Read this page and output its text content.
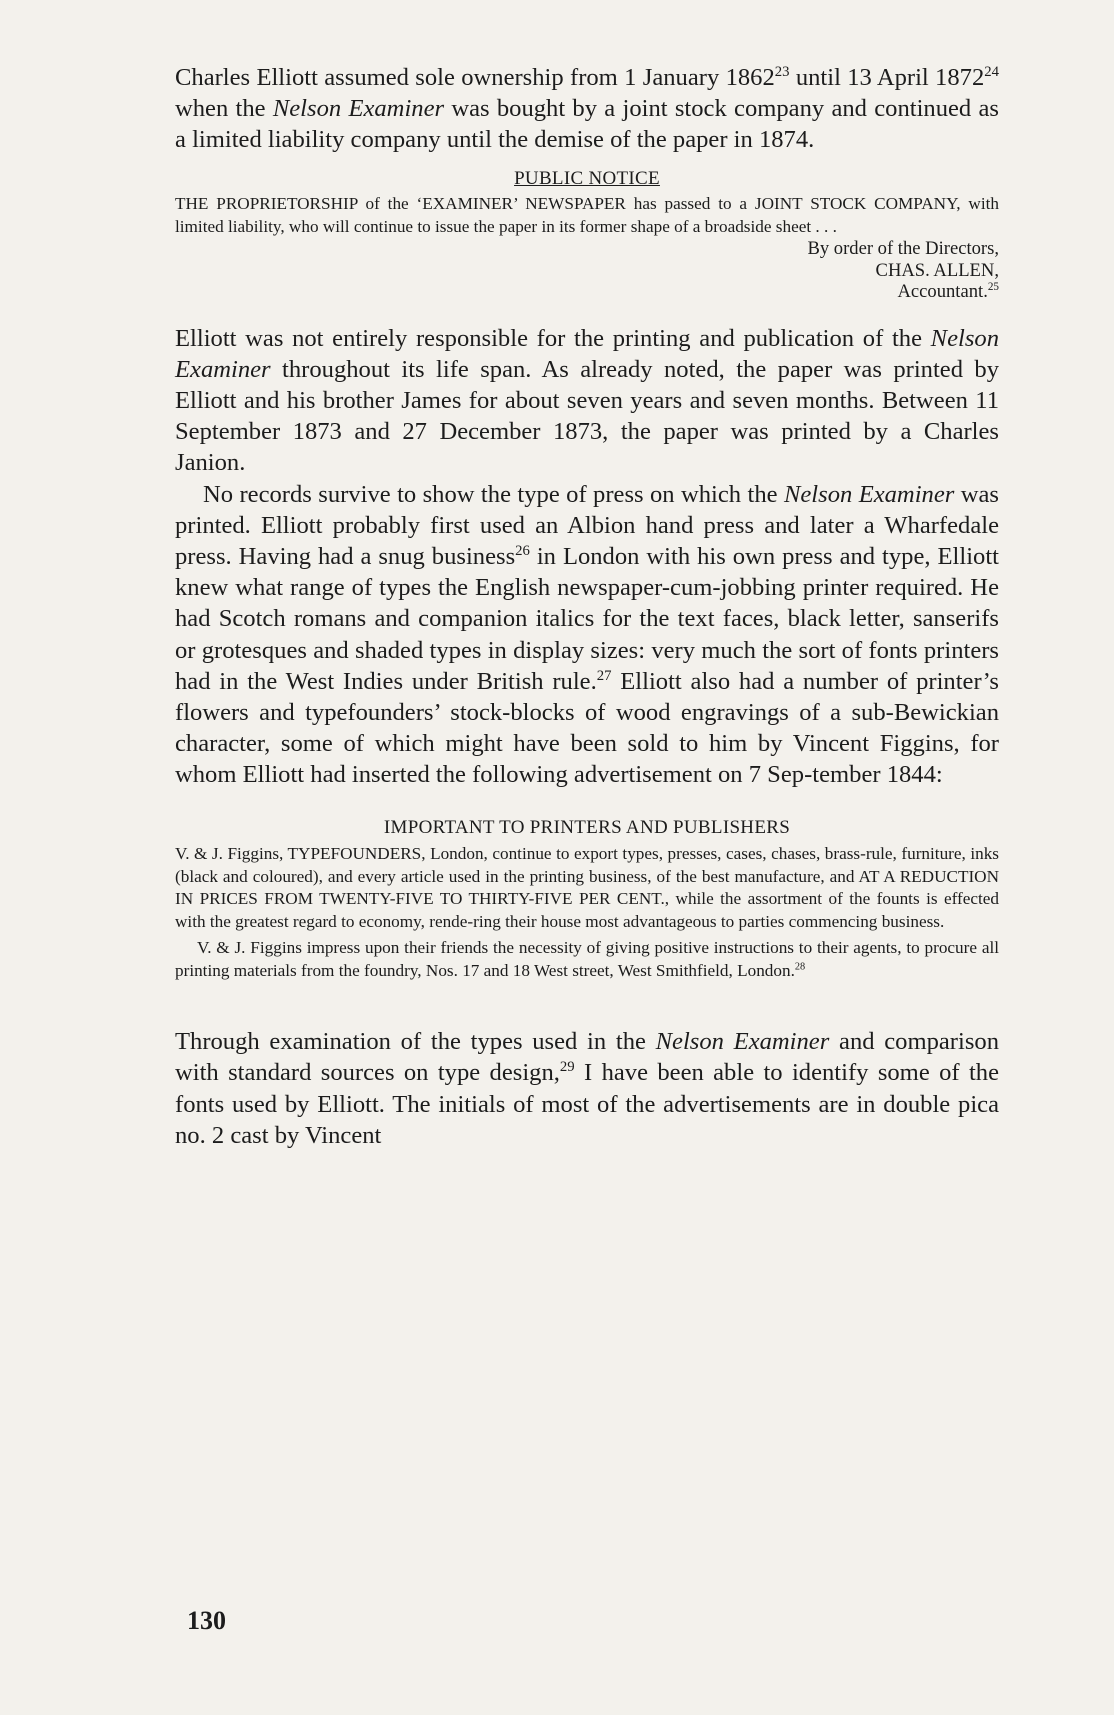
Charles Elliott assumed sole ownership from 1 January 1862$^{23}$ until 13 April 1872$^{24}$ when the Nelson Examiner was bought by a joint stock company and continued as a limited liability company until the demise of the paper in 1874.

PUBLIC NOTICE
THE PROPRIETORSHIP of the ‘EXAMINER’ NEWSPAPER has passed to a JOINT STOCK COMPANY, with limited liability, who will continue to issue the paper in its former shape of a broadside sheet . . .
By order of the Directors,
CHAS. ALLEN,
Accountant.$^{25}$

Elliott was not entirely responsible for the printing and publication of the Nelson Examiner throughout its life span. As already noted, the paper was printed by Elliott and his brother James for about seven years and seven months. Between 11 September 1873 and 27 December 1873, the paper was printed by a Charles Janion.

No records survive to show the type of press on which the Nelson Examiner was printed. Elliott probably first used an Albion hand press and later a Wharfedale press. Having had a snug business$^{26}$ in London with his own press and type, Elliott knew what range of types the English newspaper-cum-jobbing printer required. He had Scotch romans and companion italics for the text faces, black letter, sanserifs or grotesques and shaded types in display sizes: very much the sort of fonts printers had in the West Indies under British rule.$^{27}$ Elliott also had a number of printer’s flowers and typefounders’ stock-blocks of wood engravings of a sub-Bewickian character, some of which might have been sold to him by Vincent Figgins, for whom Elliott had inserted the following advertisement on 7 Sep-tember 1844:

IMPORTANT TO PRINTERS AND PUBLISHERS

V. & J. Figgins, TYPEFOUNDERS, London, continue to export types, presses, cases, chases, brass-rule, furniture, inks (black and coloured), and every article used in the printing business, of the best manufacture, and AT A REDUCTION IN PRICES FROM TWENTY-FIVE TO THIRTY-FIVE PER CENT., while the assortment of the founts is effected with the greatest regard to economy, rende-ring their house most advantageous to parties commencing business.

V. & J. Figgins impress upon their friends the necessity of giving positive instructions to their agents, to procure all printing materials from the foundry, Nos. 17 and 18 West street, West Smithfield, London.$^{28}$

Through examination of the types used in the Nelson Examiner and comparison with standard sources on type design,$^{29}$ I have been able to identify some of the fonts used by Elliott. The initials of most of the advertisements are in double pica no. 2 cast by Vincent

130
